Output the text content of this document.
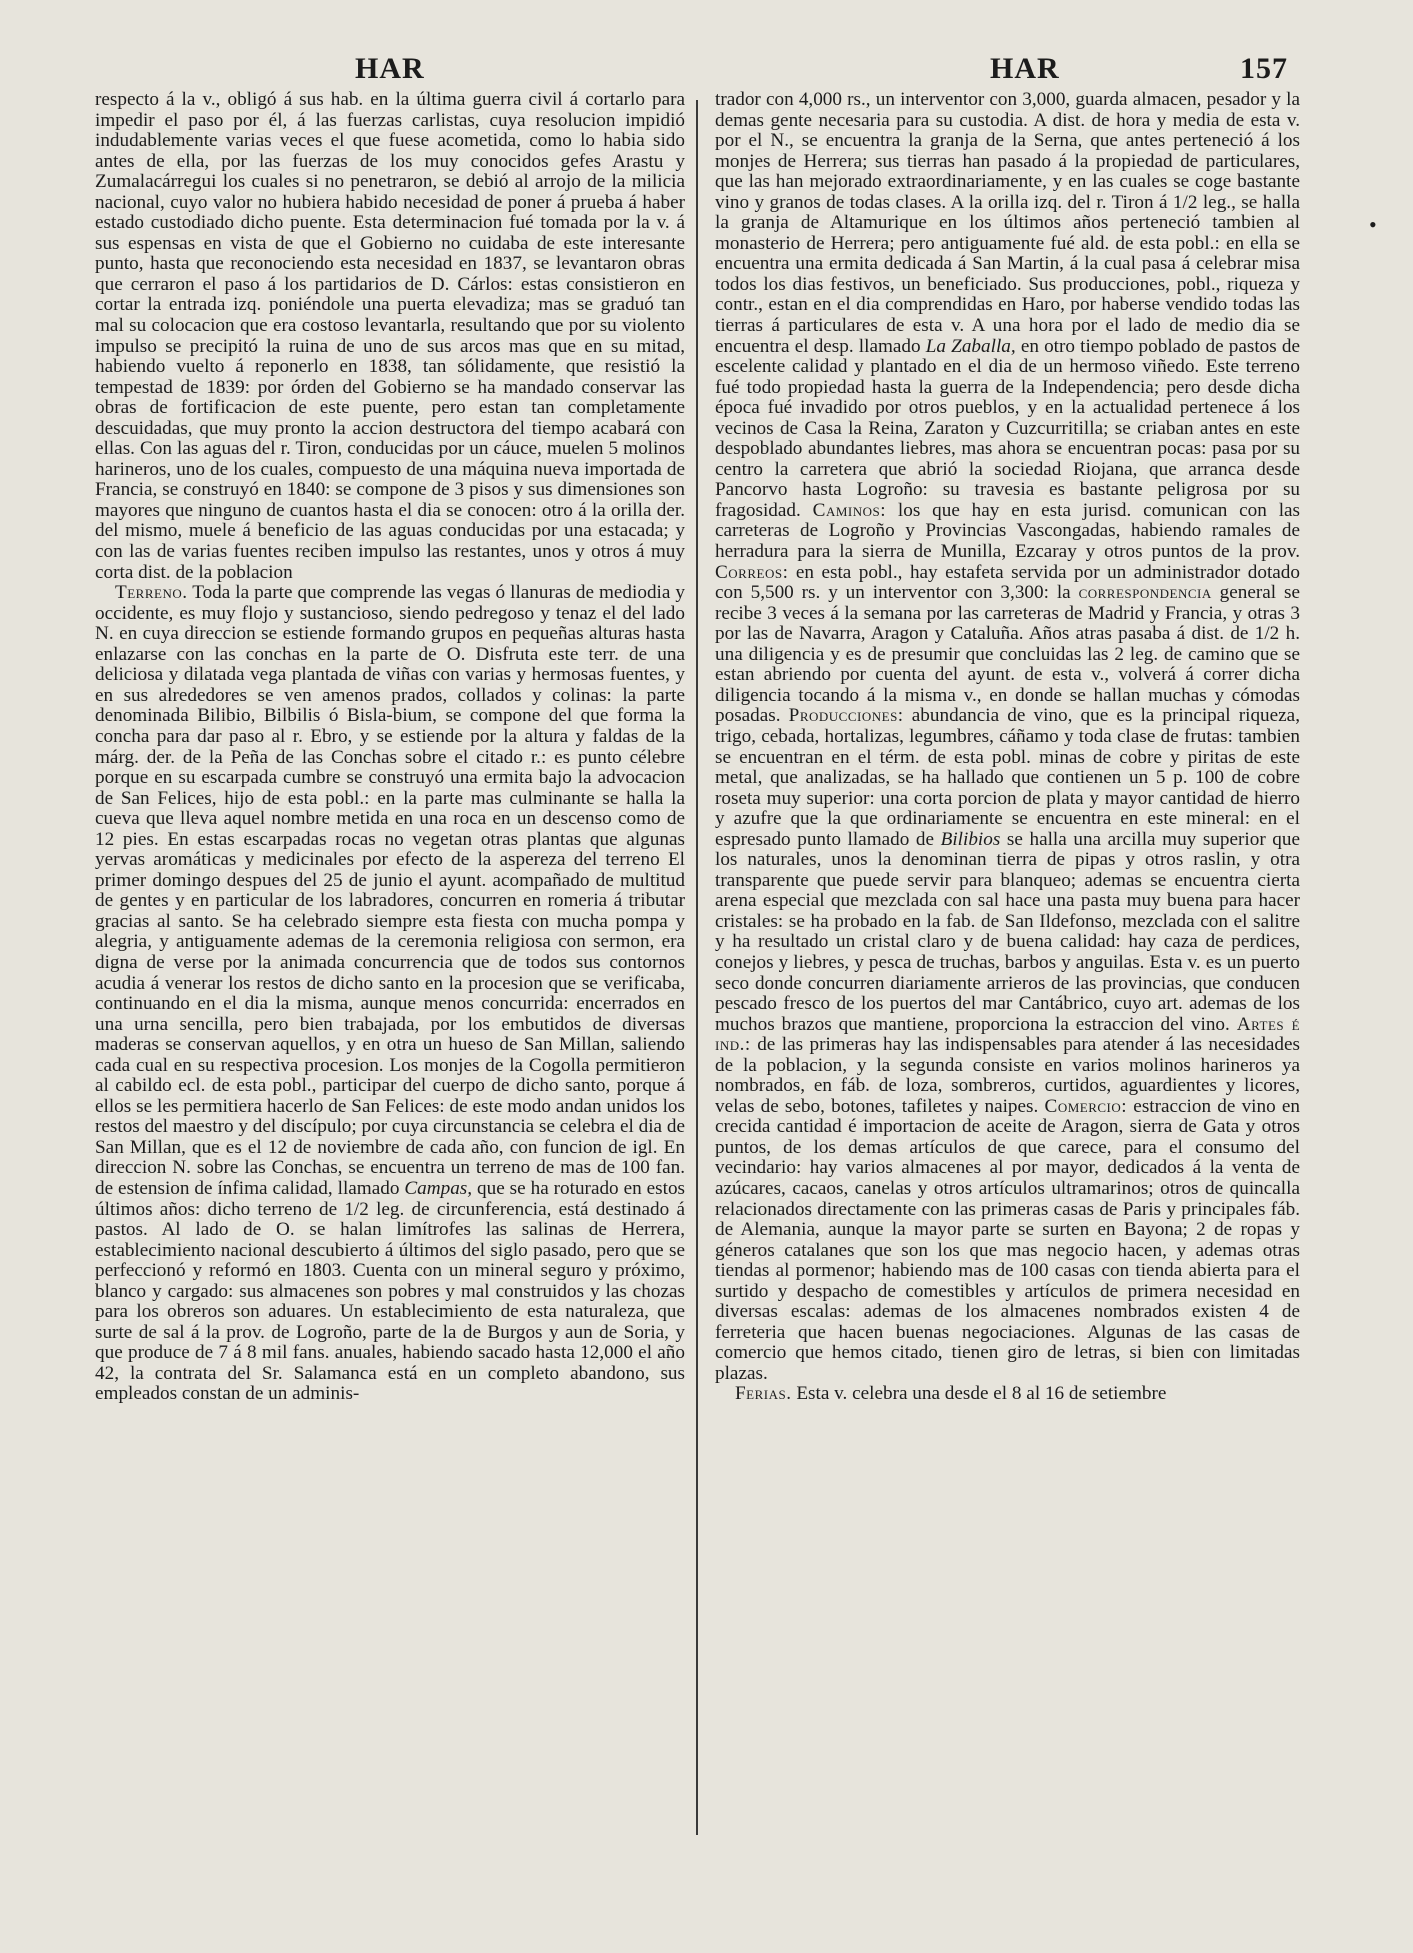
HAR	HAR	157

respecto á la v., obligó á sus hab. en la última guerra civil á cortarlo para impedir el paso por él, á las fuerzas carlistas, cuya resolucion impidió indudablemente varias veces el que fuese acometida, como lo habia sido antes de ella, por las fuerzas de los muy conocidos gefes Arastu y Zumalacárregui los cuales si no penetraron, se debió al arrojo de la milicia nacional, cuyo valor no hubiera habido necesidad de poner á prueba á haber estado custodiado dicho puente. Esta determinacion fué tomada por la v. á sus espensas en vista de que el Gobierno no cuidaba de este interesante punto, hasta que reconociendo esta necesidad en 1837, se levantaron obras que cerraron el paso á los partidarios de D. Cárlos: estas consistieron en cortar la entrada izq. poniéndole una puerta elevadiza; mas se graduó tan mal su colocacion que era costoso levantarla, resultando que por su violento impulso se precipitó la ruina de uno de sus arcos mas que en su mitad, habiendo vuelto á reponerlo en 1838, tan sólidamente, que resistió la tempestad de 1839: por órden del Gobierno se ha mandado conservar las obras de fortificacion de este puente, pero estan tan completamente descuidadas, que muy pronto la accion destructora del tiempo acabará con ellas. Con las aguas del r. Tiron, conducidas por un cáuce, muelen 5 molinos harineros, uno de los cuales, compuesto de una máquina nueva importada de Francia, se construyó en 1840: se compone de 3 pisos y sus dimensiones son mayores que ninguno de cuantos hasta el dia se conocen: otro á la orilla der. del mismo, muele á beneficio de las aguas conducidas por una estacada; y con las de varias fuentes reciben impulso las restantes, unos y otros á muy corta dist. de la poblacion

Terreno. Toda la parte que comprende las vegas ó llanuras de mediodia y occidente, es muy flojo y sustancioso, siendo pedregoso y tenaz el del lado N. en cuya direccion se estiende formando grupos en pequeñas alturas hasta enlazarse con las conchas en la parte de O. Disfruta este terr. de una deliciosa y dilatada vega plantada de viñas con varias y hermosas fuentes, y en sus alrededores se ven amenos prados, collados y colinas: la parte denominada Bilibio, Bilbilis ó Bisla-bium, se compone del que forma la concha para dar paso al r. Ebro, y se estiende por la altura y faldas de la márg. der. de la Peña de las Conchas sobre el citado r.: es punto célebre porque en su escarpada cumbre se construyó una ermita bajo la advocacion de San Felices, hijo de esta pobl.: en la parte mas culminante se halla la cueva que lleva aquel nombre metida en una roca en un descenso como de 12 pies. En estas escarpadas rocas no vegetan otras plantas que algunas yervas aromáticas y medicinales por efecto de la aspereza del terreno El primer domingo despues del 25 de junio el ayunt. acompañado de multitud de gentes y en particular de los labradores, concurren en romeria á tributar gracias al santo. Se ha celebrado siempre esta fiesta con mucha pompa y alegria, y antiguamente ademas de la ceremonia religiosa con sermon, era digna de verse por la animada concurrencia que de todos sus contornos acudia á venerar los restos de dicho santo en la procesion que se verificaba, continuando en el dia la misma, aunque menos concurrida: encerrados en una urna sencilla, pero bien trabajada, por los embutidos de diversas maderas se conservan aquellos, y en otra un hueso de San Millan, saliendo cada cual en su respectiva procesion. Los monjes de la Cogolla permitieron al cabildo ecl. de esta pobl., participar del cuerpo de dicho santo, porque á ellos se les permitiera hacerlo de San Felices: de este modo andan unidos los restos del maestro y del discípulo; por cuya circunstancia se celebra el dia de San Millan, que es el 12 de noviembre de cada año, con funcion de igl. En direccion N. sobre las Conchas, se encuentra un terreno de mas de 100 fan. de estension de ínfima calidad, llamado Campas, que se ha roturado en estos últimos años: dicho terreno de 1/2 leg. de circunferencia, está destinado á pastos. Al lado de O. se halan limítrofes las salinas de Herrera, establecimiento nacional descubierto á últimos del siglo pasado, pero que se perfeccionó y reformó en 1803. Cuenta con un mineral seguro y próximo, blanco y cargado: sus almacenes son pobres y mal construidos y las chozas para los obreros son aduares. Un establecimiento de esta naturaleza, que surte de sal á la prov. de Logroño, parte de la de Burgos y aun de Soria, y que produce de 7 á 8 mil fans. anuales, habiendo sacado hasta 12,000 el año 42, la contrata del Sr. Salamanca está en un completo abandono, sus empleados constan de un adminis-

trador con 4,000 rs., un interventor con 3,000, guarda almacen, pesador y la demas gente necesaria para su custodia. A dist. de hora y media de esta v. por el N., se encuentra la granja de la Serna, que antes perteneció á los monjes de Herrera; sus tierras han pasado á la propiedad de particulares, que las han mejorado extraordinariamente, y en las cuales se coge bastante vino y granos de todas clases. A la orilla izq. del r. Tiron á 1/2 leg., se halla la granja de Altamurique en los últimos años perteneció tambien al monasterio de Herrera; pero antiguamente fué ald. de esta pobl.: en ella se encuentra una ermita dedicada á San Martin, á la cual pasa á celebrar misa todos los dias festivos, un beneficiado. Sus producciones, pobl., riqueza y contr., estan en el dia comprendidas en Haro, por haberse vendido todas las tierras á particulares de esta v. A una hora por el lado de medio dia se encuentra el desp. llamado La Zaballa, en otro tiempo poblado de pastos de escelente calidad y plantado en el dia de un hermoso viñedo. Este terreno fué todo propiedad hasta la guerra de la Independencia; pero desde dicha época fué invadido por otros pueblos, y en la actualidad pertenece á los vecinos de Casa la Reina, Zaraton y Cuzcurritilla; se criaban antes en este despoblado abundantes liebres, mas ahora se encuentran pocas: pasa por su centro la carretera que abrió la sociedad Riojana, que arranca desde Pancorvo hasta Logroño: su travesia es bastante peligrosa por su fragosidad. Caminos: los que hay en esta jurisd. comunican con las carreteras de Logroño y Provincias Vascongadas, habiendo ramales de herradura para la sierra de Munilla, Ezcaray y otros puntos de la prov. Correos: en esta pobl., hay estafeta servida por un administrador dotado con 5,500 rs. y un interventor con 3,300: la correspondencia general se recibe 3 veces á la semana por las carreteras de Madrid y Francia, y otras 3 por las de Navarra, Aragon y Cataluña. Años atras pasaba á dist. de 1/2 h. una diligencia y es de presumir que concluidas las 2 leg. de camino que se estan abriendo por cuenta del ayunt. de esta v., volverá á correr dicha diligencia tocando á la misma v., en donde se hallan muchas y cómodas posadas. Producciones: abundancia de vino, que es la principal riqueza, trigo, cebada, hortalizas, legumbres, cáñamo y toda clase de frutas: tambien se encuentran en el térm. de esta pobl. minas de cobre y piritas de este metal, que analizadas, se ha hallado que contienen un 5 p. 100 de cobre roseta muy superior: una corta porcion de plata y mayor cantidad de hierro y azufre que la que ordinariamente se encuentra en este mineral: en el espresado punto llamado de Bilibios se halla una arcilla muy superior que los naturales, unos la denominan tierra de pipas y otros raslin, y otra transparente que puede servir para blanqueo; ademas se encuentra cierta arena especial que mezclada con sal hace una pasta muy buena para hacer cristales: se ha probado en la fab. de San Ildefonso, mezclada con el salitre y ha resultado un cristal claro y de buena calidad: hay caza de perdices, conejos y liebres, y pesca de truchas, barbos y anguilas. Esta v. es un puerto seco donde concurren diariamente arrieros de las provincias, que conducen pescado fresco de los puertos del mar Cantábrico, cuyo art. ademas de los muchos brazos que mantiene, proporciona la estraccion del vino. Artes é ind.: de las primeras hay las indispensables para atender á las necesidades de la poblacion, y la segunda consiste en varios molinos harineros ya nombrados, en fáb. de loza, sombreros, curtidos, aguardientes y licores, velas de sebo, botones, tafiletes y naipes. Comercio: estraccion de vino en crecida cantidad é importacion de aceite de Aragon, sierra de Gata y otros puntos, de los demas artículos de que carece, para el consumo del vecindario: hay varios almacenes al por mayor, dedicados á la venta de azúcares, cacaos, canelas y otros artículos ultramarinos; otros de quincalla relacionados directamente con las primeras casas de Paris y principales fáb. de Alemania, aunque la mayor parte se surten en Bayona; 2 de ropas y géneros catalanes que son los que mas negocio hacen, y ademas otras tiendas al pormenor; habiendo mas de 100 casas con tienda abierta para el surtido y despacho de comestibles y artículos de primera necesidad en diversas escalas: ademas de los almacenes nombrados existen 4 de ferreteria que hacen buenas negociaciones. Algunas de las casas de comercio que hemos citado, tienen giro de letras, si bien con limitadas plazas.

Ferias. Esta v. celebra una desde el 8 al 16 de setiembre

•
